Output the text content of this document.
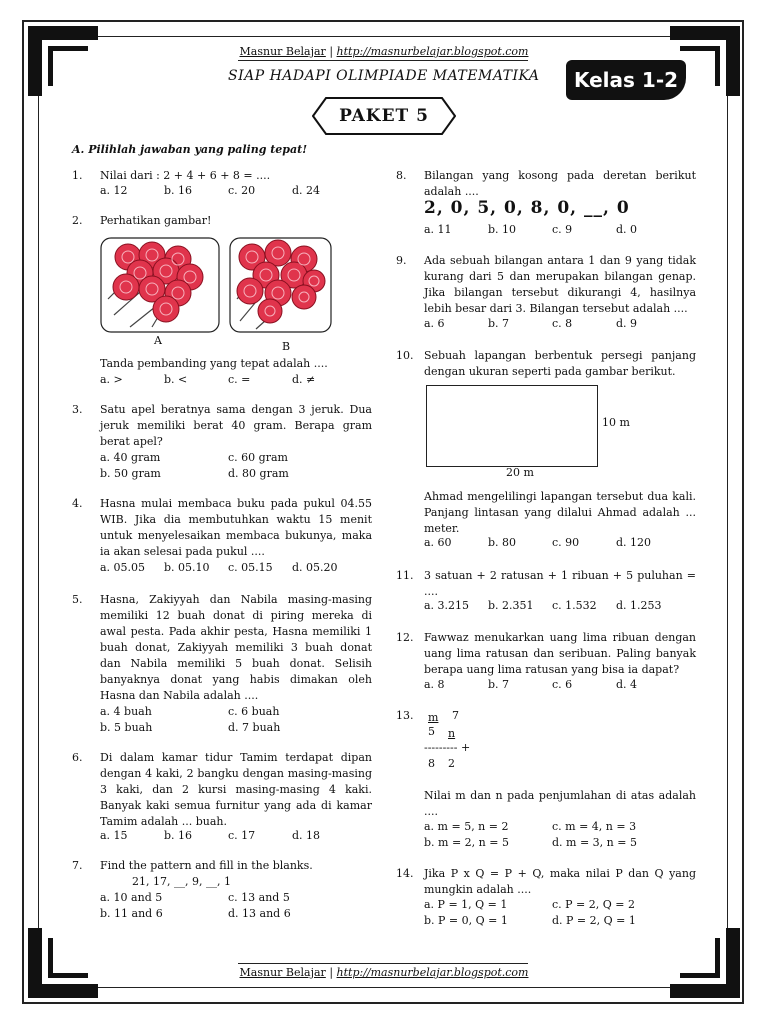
Masnur Belajar | http://masnurbelajar.blogspot.com
SIAP HADAPI OLIMPIADE MATEMATIKA	Kelas 1-2
PAKET 5
A. Pilihlah jawaban yang paling tepat!
1. Nilai dari : 2 + 4 + 6 + 8 = ....
a. 12	b. 16	c. 20	d. 24
2. Perhatikan gambar!
A	B
Tanda pembanding yang tepat adalah ....
a. >	b. <	c. =	d. ≠
3. Satu apel beratnya sama dengan 3 jeruk. Dua jeruk memiliki berat 40 gram. Berapa gram berat apel?
a. 40 gram	c. 60 gram
b. 50 gram	d. 80 gram
4. Hasna mulai membaca buku pada pukul 04.55 WIB. Jika dia membutuhkan waktu 15 menit untuk menyelesaikan membaca bukunya, maka ia akan selesai pada pukul ....
a. 05.05 b. 05.10 c. 05.15 d. 05.20
5. Hasna, Zakiyyah dan Nabila masing-masing memiliki 12 buah donat di piring mereka di awal pesta. Pada akhir pesta, Hasna memiliki 1 buah donat, Zakiyyah memiliki 3 buah donat dan Nabila memiliki 5 buah donat. Selisih banyaknya donat yang habis dimakan oleh Hasna dan Nabila adalah ....
a. 4 buah	c. 6 buah
b. 5 buah	d. 7 buah
6. Di dalam kamar tidur Tamim terdapat dipan dengan 4 kaki, 2 bangku dengan masing-masing 3 kaki, dan 2 kursi masing-masing 4 kaki. Banyak kaki semua furnitur yang ada di kamar Tamim adalah ... buah.
a. 15	b. 16	c. 17	d. 18
7. Find the pattern and fill in the blanks.
21, 17, __, 9, __, 1
a. 10 and 5	c. 13 and 5
b. 11 and 6	d. 13 and 6
8. Bilangan yang kosong pada deretan berikut adalah ....
2, 0, 5, 0, 8, 0, __, 0
a. 11	b. 10	c. 9	d. 0
9. Ada sebuah bilangan antara 1 dan 9 yang tidak kurang dari 5 dan merupakan bilangan genap. Jika bilangan tersebut dikurangi 4, hasilnya lebih besar dari 3. Bilangan tersebut adalah ....
a. 6	b. 7	c. 8	d. 9
10. Sebuah lapangan berbentuk persegi panjang dengan ukuran seperti pada gambar berikut.
10 m
20 m
Ahmad mengelilingi lapangan tersebut dua kali. Panjang lintasan yang dilalui Ahmad adalah ... meter.
a. 60	b. 80	c. 90	d. 120
11. 3 satuan + 2 ratusan + 1 ribuan + 5 puluhan = ....
a. 3.215 b. 2.351 c. 1.532 d. 1.253
12. Fawwaz menukarkan uang lima ribuan dengan uang lima ratusan dan seribuan. Paling banyak berapa uang lima ratusan yang bisa ia dapat?
a. 8	b. 7	c. 6	d. 4
13. m 7
5 n
--------- +
8 2
Nilai m dan n pada penjumlahan di atas adalah ....
a. m = 5, n = 2	c. m = 4, n = 3
b. m = 2, n = 5	d. m = 3, n = 5
14. Jika P x Q = P + Q, maka nilai P dan Q yang mungkin adalah ....
a. P = 1, Q = 1	c. P = 2, Q = 2
b. P = 0, Q = 1	d. P = 2, Q = 1
Masnur Belajar | http://masnurbelajar.blogspot.com
